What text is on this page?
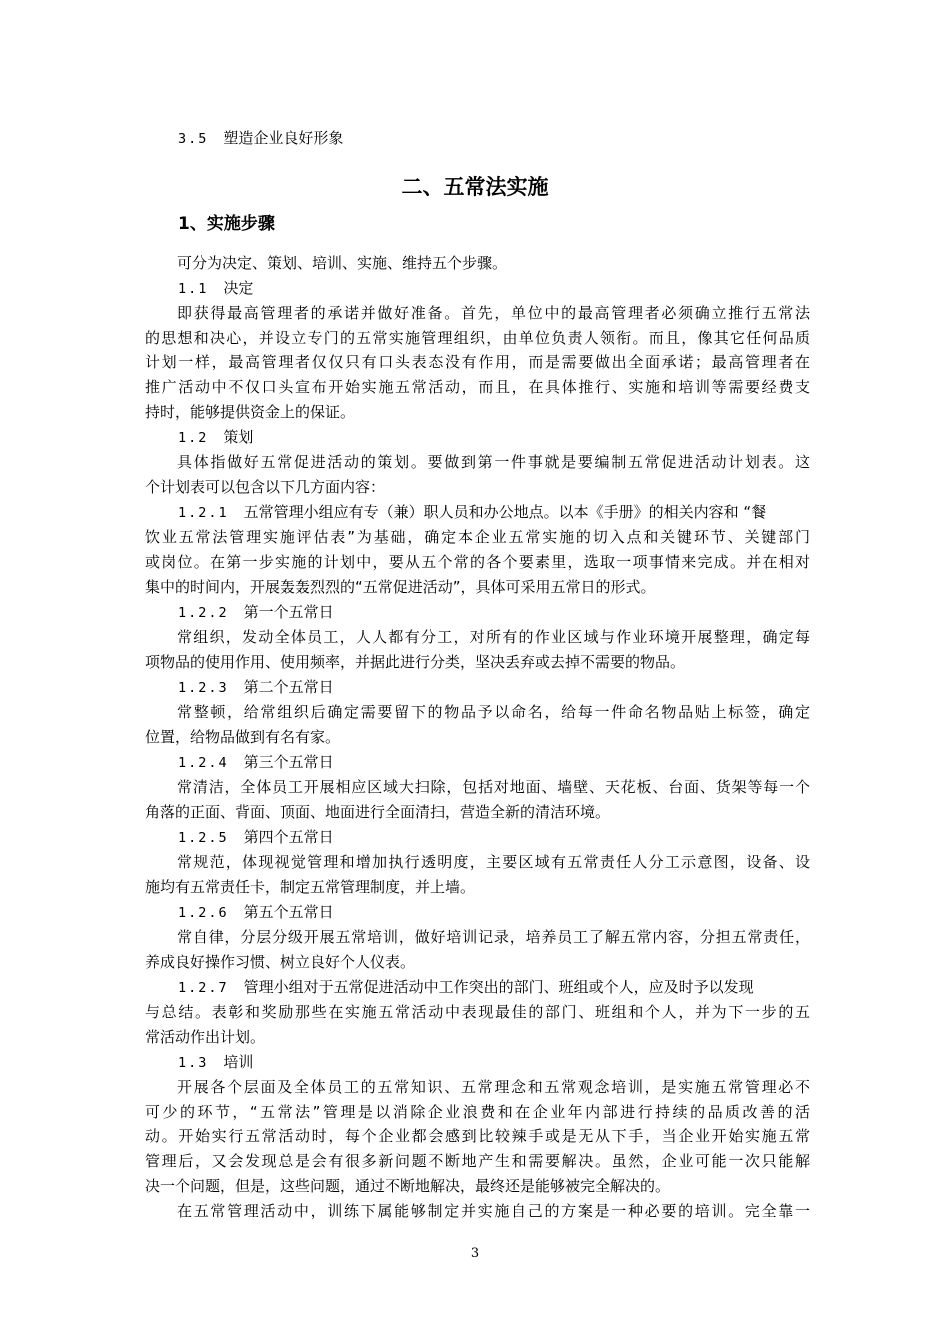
3.5　 塑造企业良好形象

二、五常法实施
1、实施步骤

可分为决定、策划、培训、实施、维持五个步骤。

1.1　 决定

即获得最高管理者的承诺并做好准备。首先，单位中的最高管理者必须确立推行五常法

的思想和决心，并设立专门的五常实施管理组织，由单位负责人领衔。而且，像其它任何品质

计划一样，最高管理者仅仅只有口头表态没有作用，而是需要做出全面承诺；最高管理者在

推广活动中不仅口头宣布开始实施五常活动，而且，在具体推行、实施和培训等需要经费支

持时，能够提供资金上的保证。

1.2　 策划

具体指做好五常促进活动的策划。要做到第一件事就是要编制五常促进活动计划表。这

个计划表可以包含以下几方面内容：

1.2.1　 五常管理小组应有专（兼）职人员和办公地点。以本《手册》的相关内容和 “餐

饮业五常法管理实施评估表”为基础，确定本企业五常实施的切入点和关键环节、关键部门

或岗位。在第一步实施的计划中，要从五个常的各个要素里，选取一项事情来完成。并在相对

集中的时间内，开展轰轰烈烈的“五常促进活动”，具体可采用五常日的形式。

1.2.2　 第一个五常日

常组织，发动全体员工，人人都有分工，对所有的作业区域与作业环境开展整理，确定每

项物品的使用作用、使用频率，并据此进行分类，坚决丢弃或去掉不需要的物品。

1.2.3　 第二个五常日

常整顿，给常组织后确定需要留下的物品予以命名，给每一件命名物品贴上标签，确定

位置，给物品做到有名有家。

1.2.4　 第三个五常日

常清洁，全体员工开展相应区域大扫除，包括对地面、墙壁、天花板、台面、货架等每一个

角落的正面、背面、顶面、地面进行全面清扫，营造全新的清洁环境。

1.2.5　 第四个五常日

常规范，体现视觉管理和增加执行透明度，主要区域有五常责任人分工示意图，设备、设

施均有五常责任卡，制定五常管理制度，并上墙。

1.2.6　 第五个五常日

常自律，分层分级开展五常培训，做好培训记录，培养员工了解五常内容，分担五常责任，

养成良好操作习惯、树立良好个人仪表。

1.2.7　 管理小组对于五常促进活动中工作突出的部门、班组或个人，应及时予以发现

与总结。表彰和奖励那些在实施五常活动中表现最佳的部门、班组和个人，并为下一步的五

常活动作出计划。

1.3　 培训

开展各个层面及全体员工的五常知识、五常理念和五常观念培训，是实施五常管理必不

可少的环节，“五常法”管理是以消除企业浪费和在企业年内部进行持续的品质改善的活

动。开始实行五常活动时，每个企业都会感到比较辣手或是无从下手，当企业开始实施五常

管理后，又会发现总是会有很多新问题不断地产生和需要解决。虽然，企业可能一次只能解

决一个问题，但是，这些问题，通过不断地解决，最终还是能够被完全解决的。

在五常管理活动中，训练下属能够制定并实施自己的方案是一种必要的培训。完全靠一

3
